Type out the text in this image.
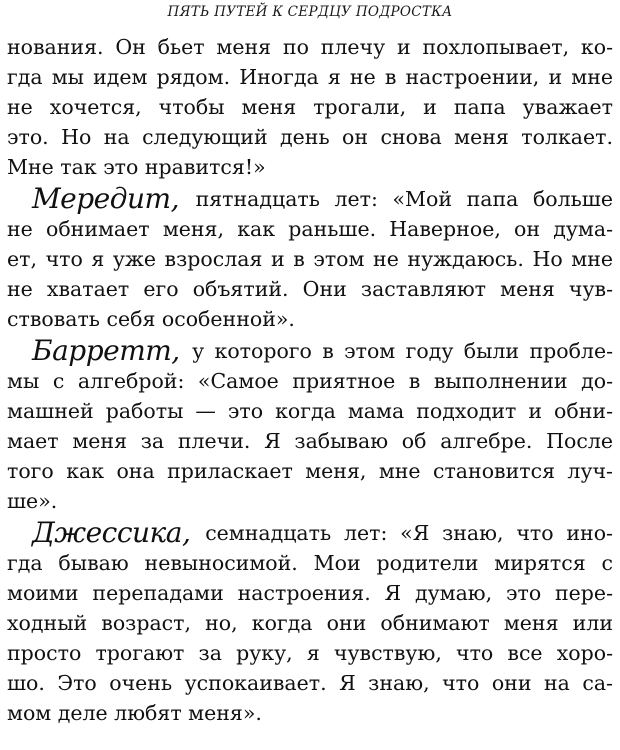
ПЯТЬ ПУТЕЙ К СЕРДЦУ ПОДРОСТКА
нования. Он бьет меня по плечу и похлопывает, ко-
гда мы идем рядом. Иногда я не в настроении, и мне
не хочется, чтобы меня трогали, и папа уважает
это. Но на следующий день он снова меня толкает.
Мне так это нравится!»
Мередит, пятнадцать лет: «Мой папа больше
не обнимает меня, как раньше. Наверное, он дума-
ет, что я уже взрослая и в этом не нуждаюсь. Но мне
не хватает его объятий. Они заставляют меня чув-
ствовать себя особенной».
Барретт, у которого в этом году были пробле-
мы с алгеброй: «Самое приятное в выполнении до-
машней работы — это когда мама подходит и обни-
мает меня за плечи. Я забываю об алгебре. После
того как она приласкает меня, мне становится луч-
ше».
Джессика, семнадцать лет: «Я знаю, что ино-
гда бываю невыносимой. Мои родители мирятся с
моими перепадами настроения. Я думаю, это пере-
ходный возраст, но, когда они обнимают меня или
просто трогают за руку, я чувствую, что все хоро-
шо. Это очень успокаивает. Я знаю, что они на са-
мом деле любят меня».
